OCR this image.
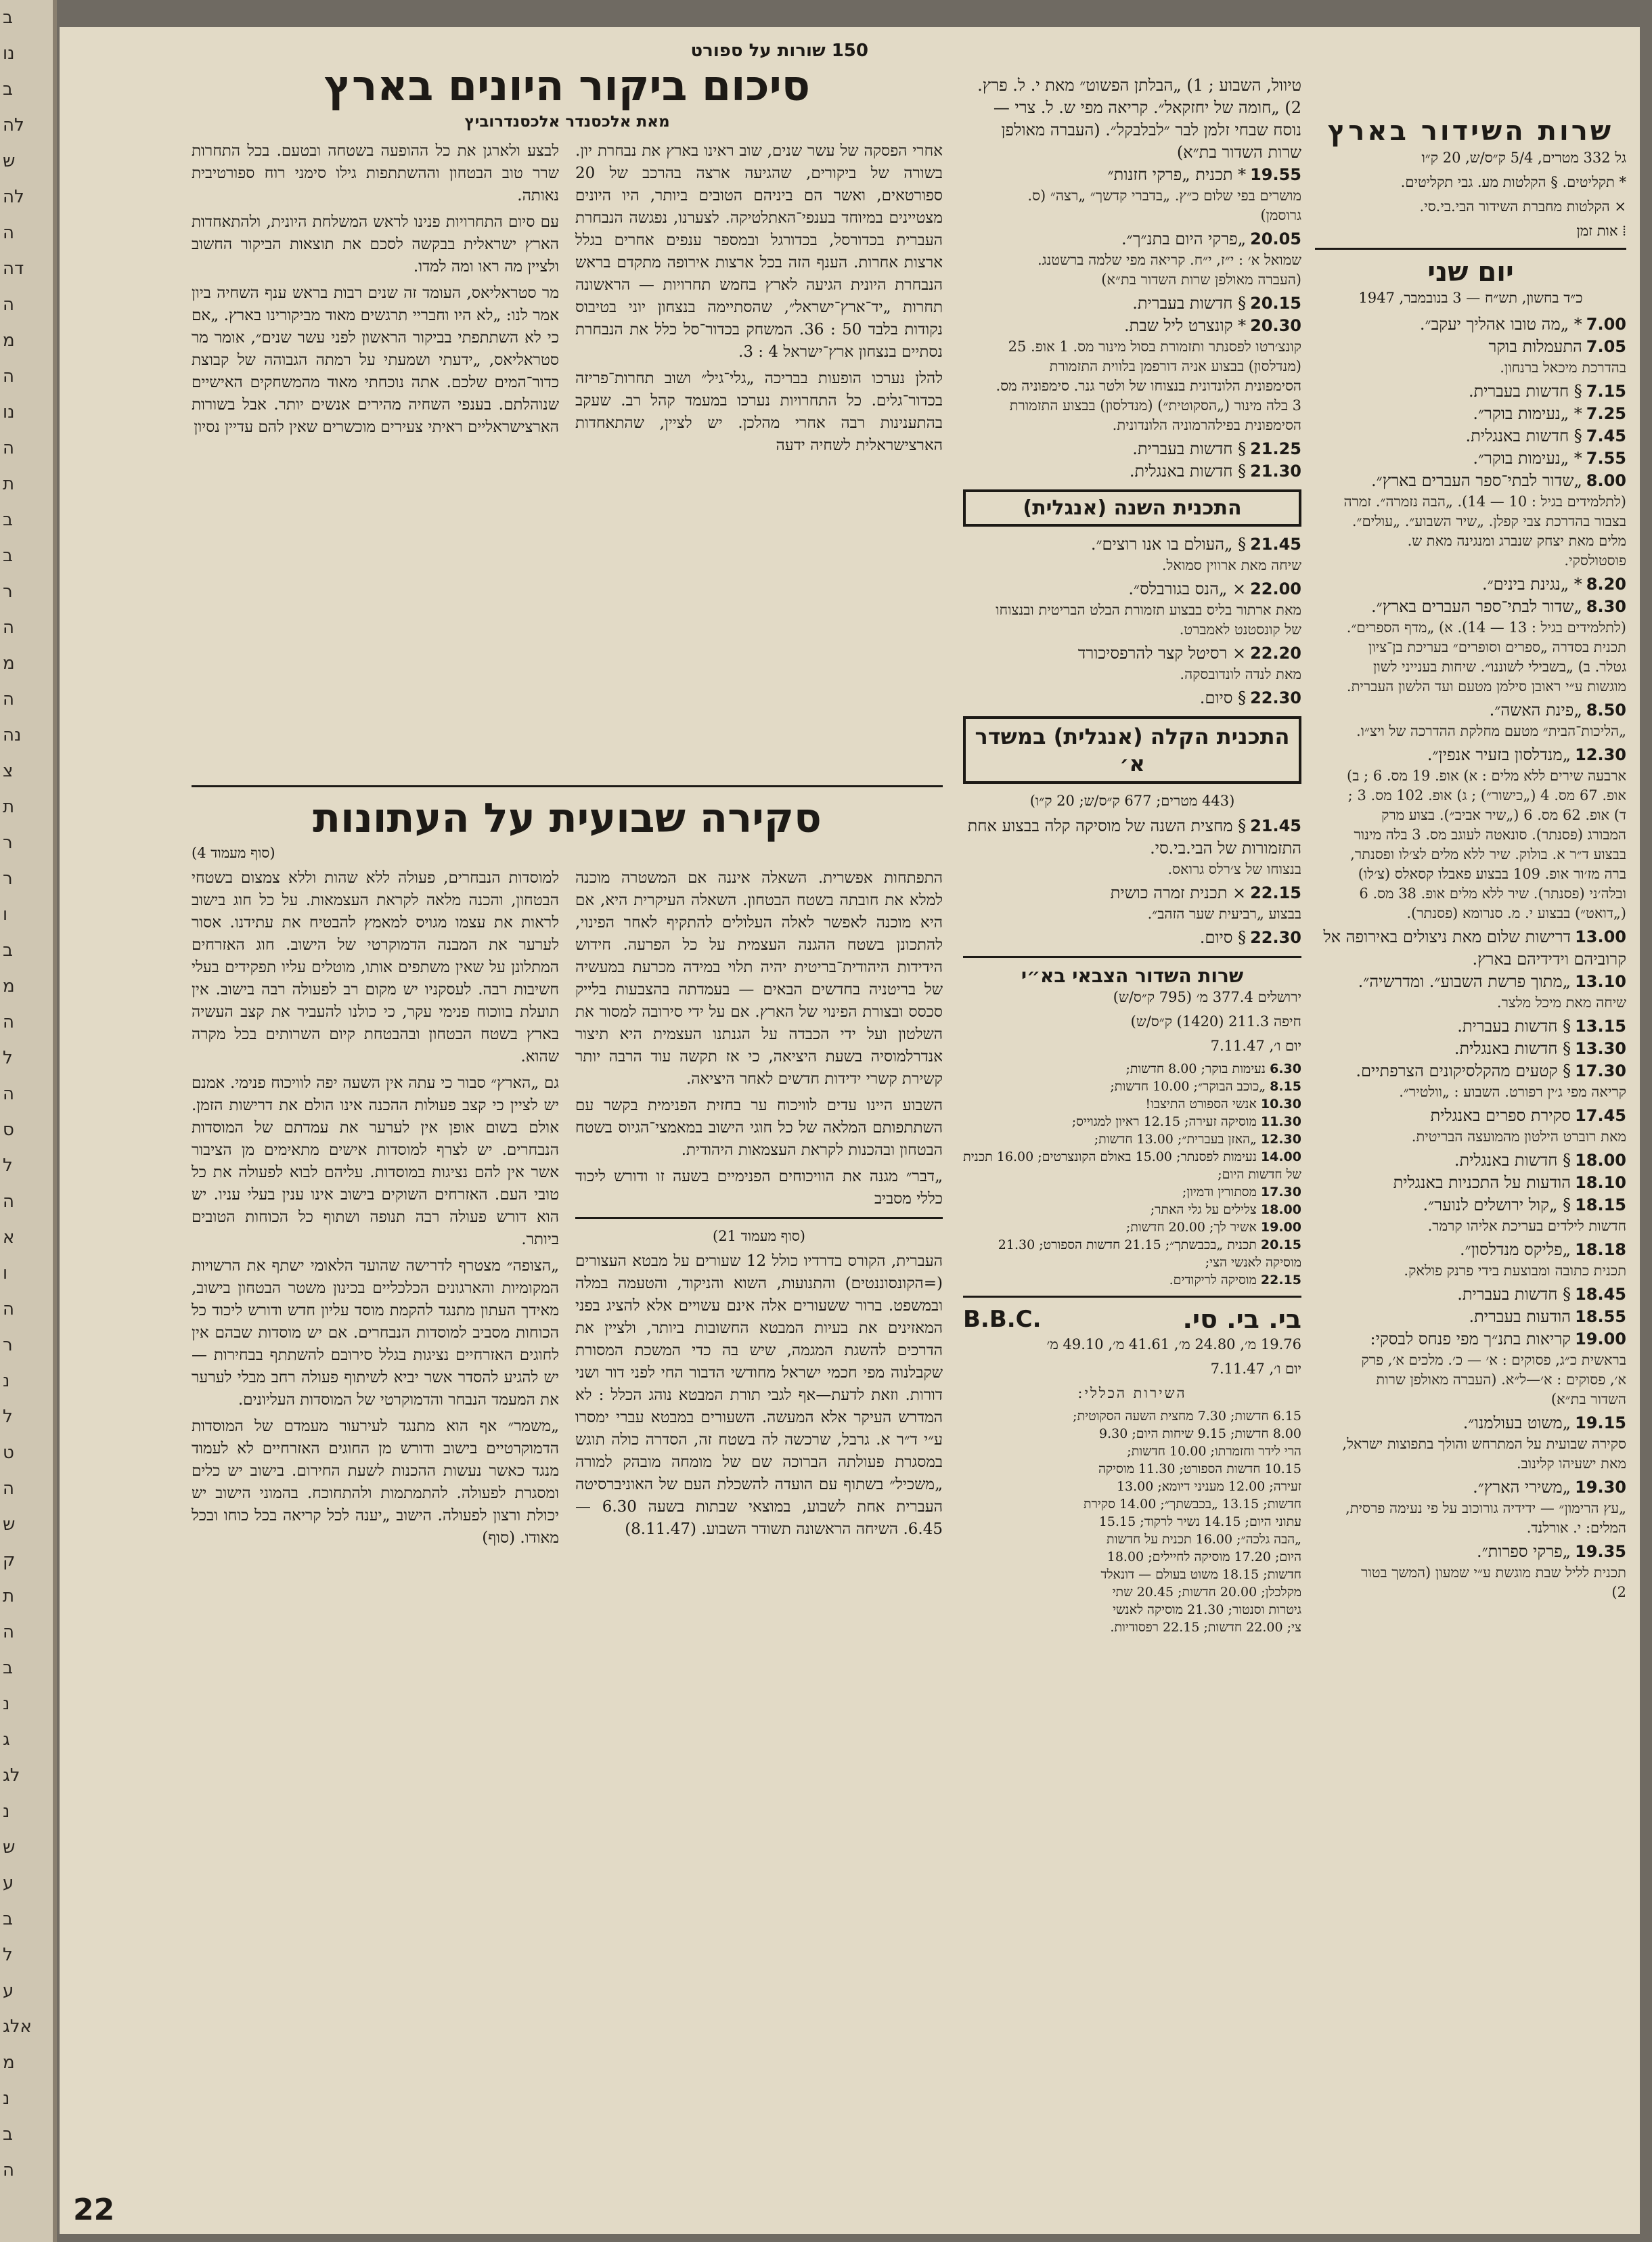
ב
נו
ב
לה
ש
לה
ה
דה
ה
מ
ה
נו
ה
ת
ב
ב
ר
ה
מ
ה
נה
צ
ת
ר
ר
ו
ב
מ
ה
ל
ה
ס
ל
ה
א
ו
ה
ר
נ
ל
ט
ה
ש
ק
ת
ה
ב
נ
ג
לג
נ
ש
ע
ב
ל
ע
אלג
מ
נ
ב
ה
שרות השידור בארץ

גל 332 מטרים, 5/4 ק״ס/ש, 20 ק״ו

* תקליטים. § הקלטות מע. גבי תקליטים.

× הקלטות מחברת השידור הבי.בי.סי.

⁞ אות זמן

יום שני

כ״ד בחשון, תש״ח — 3 בנובמבר, 1947

7.00* „מה טובו אהליך יעקב״.

7.05התעמלות בוקר

בהדרכת מיכאל ברנחון.

7.15§ חדשות בעברית.

7.25* „נעימות בוקר״.

7.45§ חדשות באנגלית.

7.55* „נעימות בוקר״.

8.00„שדור לבתי־ספר העברים בארץ״.

(לתלמידים בגיל : 10 — 14). „הבה נזמרה״. זמרה בצבור בהדרכת צבי קפלן. „שיר השבוע״. „עולים״. מלים מאת יצחק שנברג ומנגינה מאת ש. פוסטולסקי.

8.20* „נגינת בינים״.

8.30„שדור לבתי־ספר העברים בארץ״.

(לתלמידים בגיל : 13 — 14). א) „מדף הספרים״. תכנית בסדרה „ספרים וסופרים״ בעריכת בן־ציון גטלר. ב) „בשבילי לשוננו״. שיחות בענייני לשון מוגשות ע״י ראובן סילמן מטעם ועד הלשון העברית.

8.50„פינת האשה״.

„הליכות־הבית״ מטעם מחלקת ההדרכה של ויצ״ו.

12.30„מנדלסון בזעיר אנפין״.

ארבעה שירים ללא מלים : א) אופ. 19 מס. 6 ; ב) אופ. 67 מס. 4 („כישור״) ; ג) אופ. 102 מס. 3 ; ד) אופ. 62 מס. 6 („שיר אביב״). בצוע מרק המבורג (פסנתר). סונאטה לעוגב מס. 3 בלה מינור בבצוע ד״ר א. בולוק. שיר ללא מלים לצ׳לו ופסנתר, ברה מז׳ור אופ. 109 בבצוע פאבלו קסאלס (צ׳לו) ובלה׳ני (פסנתר). שיר ללא מלים אופ. 38 מס. 6 („דואט״) בבצוע י. מ. סנרומא (פסנתר).

13.00דרישות שלום מאת ניצולים באירופה אל קרוביהם וידידיהם בארץ.

13.10„מתוך פרשת השבוע״. ומדרשיה״.

שיחה מאת מיכל מלצר.

13.15§ חדשות בעברית.

13.30§ חדשות באנגלית.

17.30§ קטעים מהקלסיקונים הצרפתיים.

קריאה מפי ג׳ין רפורט. השבוע : „וולטיר״.

17.45סקירת ספרים באנגלית

מאת רוברט הילטון מהמועצה הבריטית.

18.00§ חדשות באנגלית.

18.10הודעות על התכניות באנגלית

18.15§ „קול ירושלים לנוער״.

חדשות לילדים בעריכת אליהו קרמר.

18.18„פליקס מנדלסון״.

תכנית כתובה ומבוצעת בידי פרנק פולאק.

18.45§ חדשות בעברית.

18.55הודעות בעברית.

19.00קריאות בתנ״ך מפי פנחס לבסקי:

בראשית כ״ג, פסוקים : א׳ — כ׳. מלכים א׳, פרק א׳, פסוקים : א׳—ל״א. (העברה מאולפן שרות השדור בת״א)

19.15„משוט בעולמנו״.

סקירה שבועית על המתרחש והולך בתפוצות ישראל, מאת ישעיהו קלינוב.

19.30„משירי הארץ״.

„עץ הרימון״ — ידידיה גורוכוב על פי נעימה פרסית, המלים: י. אורלנד.

19.35„פרקי ספרות״.

תכנית לליל שבת מוגשת ע״י שמעון (המשך בטור 2)

טיוול, השבוע ; 1) „הבלתן הפשוט״ מאת י. ל. פרץ. 2) „חומה של יחזקאל״. קריאה מפי ש. ל. צרי — נוסח שבחי זלמן לבר ״לבלבקל״. (העברה מאולפן שרות השדור בת״א)

19.55* תכנית „פרקי חזנות״

מושרים בפי שלום כ״ץ. „בדברי קדשך״ „רצה״ (ס. גרוסמן)

20.05„פרקי היום בתנ״ך״.

שמואל א׳ : י״ז, י״ח. קריאה מפי שלמה ברשטנג. (העברה מאולפן שרות השדור בת״א)

20.15§ חדשות בעברית.

20.30* קונצרט ליל שבת.

קונצ׳רטו לפסנתר ותזמורת בסול מינור מס. 1 אופ. 25 (מנדלסון) בבצוע אניה דורפמן בלווית התזמורת הסימפונית הלונדונית בנצוחו של ולטר גנר. סימפוניה מס. 3 בלה מינור („הסקוטית״) (מנדלסון) בבצוע התזמורת הסימפונית בפילהרמוניה הלונדונית.

21.25§ חדשות בעברית.

21.30§ חדשות באנגלית.

התכנית השנה (אנגלית)

21.45§ „העולם בו אנו רוצים״.

שיחה מאת ארווין סמואל.

22.00× „הנס בגורבלס״.

מאת ארתור בליס בבצוע תזמורת הבלט הבריטית ובנצוחו של קונסטנט לאמברט.

22.20× רסיטל קצר להרפסיכורד

מאת לנדה לונדובסקה.

22.30§ סיום.

התכנית הקלה (אנגלית) במשדר א׳

(443 מטרים; 677 ק״ס/ש; 20 ק״ו)

21.45§ מחצית השנה של מוסיקה קלה בבצוע אחת התזמורות של הבי.בי.סי.

בנצוחו של צ׳רלס גרואס.

22.15× תכנית זמרה כושית

בבצוע „רביעית שער הזהב״.

22.30§ סיום.

שרות השדור הצבאי בא״י

ירושלים 377.4 מ׳ (795 ק״ס/ש)

חיפה 211.3 (1420) ק״ס/ש)

יום ו׳, 7.11.47

6.30נעימות בוקר; 8.00 חדשות;

8.15„כוכב הבוקר״; 10.00 חדשות;

10.30אנשי הספורט התיצבו!

11.30מוסיקה זעירה; 12.15 ראיון למגוייס;

12.30„האזן בעברית״; 13.00 חדשות;

14.00נעימות לפסנתר; 15.00 באולם הקונצרטים; 16.00 תכנית של חדשות היום;

17.30מסתורין ודמיון;

18.00צלילים על גלי האתר;

19.00אשיר לך; 20.00 חדשות;

20.15תכנית „בכבשתך״; 21.15 חדשות הספורט; 21.30 מוסיקה לאנשי הצי;

22.15מוסיקה לריקודים.

בי. בי. סי.
B.B.C.

19.76 מ׳, 24.80 מ׳, 41.61 מ׳, 49.10 מ׳

יום ו׳, 7.11.47

השירות הכללי:

6.15 חדשות; 7.30 מחצית השעה הסקוטית;

8.00 חדשות; 9.15 שיחות היום; 9.30

הרי לידר וחזמרתו; 10.00 חדשות;

10.15 חדשות הספורט; 11.30 מוסיקה

זעירה; 12.00 מעניני דיומא; 13.00

חדשות; 13.15 „בכבשתך״; 14.00 סקירת

עתוני היום; 14.15 נשיר לרקוד; 15.15

„הבה גלכה״; 16.00 תכנית על חדשות

היום; 17.20 מוסיקה לחיילים; 18.00

חדשות; 18.15 משוט בעולם — דונאלד

מקלכלן; 20.00 חדשות; 20.45 שתי

גיטרות וסנטור; 21.30 מוסיקה לאנשי

צי; 22.00 חדשות; 22.15 רפסודיות.

150 שורות על ספורט

סיכום ביקור היונים בארץ

מאת אלכסנדר אלכסנדרוביץ

אחרי הפסקה של עשר שנים, שוב ראינו בארץ את נבחרת יון. בשורה של ביקורים, שהגיעה ארצה בהרכב של 20 ספורטאים, ואשר הם ביניהם הטובים ביותר, היו היונים מצטיינים במיוחד בענפי־האתלטיקה. לצערנו, נפגשה הנבחרת העברית בכדורסל, בכדורגל ובמספר ענפים אחרים בגלל ארצות אחרות. הענף הזה בכל ארצות אירופה מתקדם בראש הנבחרת היונית הגיעה לארץ בחמש תחרויות — הראשונה תחרות „יד־ארץ־ישראל״, שהסתיימה בנצחון יוני בטיבוס נקודות בלבד 50 : 36. המשחק בכדור־סל כלל את הנבחרת נסתיים בנצחון ארץ־ישראל 4 : 3.

להלן נערכו הופעות בבריכה „גלי־גיל״ ושוב תחרות־פריזה בכדור־גלים. כל התחרויות נערכו במעמד קהל רב. שעקב בהתענינות רבה אחרי מהלכן. יש לציין, שהתאחדות הארצישראלית לשחיה ידעה

לבצע ולארגן את כל ההופעה בשטחה ובטעם. בכל התחרות שרר טוב הבטחון וההשתתפות גילו סימני רוח ספורטיבית נאותה.

עם סיום התחרויות פנינו לראש המשלחת היונית, ולהתאחדות הארץ ישראלית בבקשה לסכם את תוצאות הביקור החשוב ולציין מה ראו ומה למדו.

מר סטראליאס, העומד זה שנים רבות בראש ענף השחיה ביון אמר לנו: „לא היו וחבריי תרגשים מאוד מביקורינו בארץ. „אם כי לא השתתפתי בביקור הראשון לפני עשר שנים״, אומר מר סטראליאס, „ידעתי ושמעתי על רמתה הגבוהה של קבוצת כדור־המים שלכם. אתה נוכחתי מאוד מהמשחקים האישיים שנוהלתם. בענפי השחיה מהירים אנשים יותר. אבל בשורות הארצישראליים ראיתי צעירים מוכשרים שאין להם עדיין נסיון

סקירה שבועית על העתונות

(סוף מעמוד 4)

התפתחות אפשרית. השאלה איננה אם המשטרה מוכנה למלא את חובתה בשטח הבטחון. השאלה העיקרית היא, אם היא מוכנה לאפשר לאלה העלולים להתקיף לאחר הפינוי, להתכונן בשטח ההגנה העצמית על כל הפרעה. חידוש הידידות היהודית־בריטית יהיה תלוי במידה מכרעת במעשיה של בריטניה בחדשים הבאים — בעמדתה בהצבעות בלייק סכסס ובצורת הפינוי של הארץ. אם על ידי סירובה למסור את השלטון ועל ידי הכבדה על הגנתנו העצמית היא תיצור אנדרלמוסיה בשעת היציאה, כי אז תקשה עוד הרבה יותר קשירת קשרי ידידות חדשים לאחר היציאה.

השבוע היינו עדים לוויכוח ער בחזית הפנימית בקשר עם השתתפותם המלאה של כל חוגי הישוב במאמצי־הגיוס בשטח הבטחון ובהכנות לקראת העצמאות היהודית.

„דבר״ מגנה את הוויכוחים הפנימיים בשעה זו ודורש ליכוד כללי מסביב

(סוף מעמוד 21)

העברית, הקורס בדרדיו כולל 12 שעורים על מבטא העצורים (=הקונסוננטים) והתנועות, השוא והניקוד, והטעמה במלה ובמשפט. ברור ששעורים אלה אינם עשויים אלא להציג בפני המאזינים את בעיות המבטא החשובות ביותר, ולציין את הדרכים להשגת המגמה, שיש בה כדי המשכת המסורת שקבלנוה מפי חכמי ישראל מחודשי הדבור החי לפני דור ושני דורות. וזאת לדעת—אף לגבי תורת המבטא נוהג הכלל : לא המדרש העיקר אלא המעשה. השעורים במבטא עברי ימסרו ע״י ד״ר א. גרבל, שרכשה לה בשטח זה, הסדרה כולה תוגש במסגרת פעולתה הברוכה שם של מומחה מובהק למורה „משכיל״ בשתוף עם הועדה להשכלת העם של האוניברסיטה העברית אחת לשבוע, במוצאי שבתות בשעה 6.30 — 6.45. השיחה הראשונה תשודר השבוע. (8.11.47)

למוסדות הנבחרים, פעולה ללא שהות וללא צמצום בשטחי הבטחון, והכנה מלאה לקראת העצמאות. על כל חוג בישוב לראות את עצמו מגויס למאמץ להבטיח את עתידנו. אסור לערער את המבנה הדמוקרטי של הישוב. חוג האזרחים המתלונן על שאין משתפים אותו, מוטלים עליו תפקידים בעלי חשיבות רבה. לעסקניו יש מקום רב לפעולה רבה בישוב. אין תועלת בווכוח פנימי עקר, כי כולנו להעביר את קצב העשיה בארץ בשטח הבטחון ובהבטחת קיום השרותים בכל מקרה שהוא.

גם „הארץ״ סבור כי עתה אין השעה יפה לוויכוח פנימי. אמנם יש לציין כי קצב פעולות ההכנה אינו הולם את דרישות הזמן. אולם בשום אופן אין לערער את עמדתם של המוסדות הנבחרים. יש לצרף למוסדות אישים מתאימים מן הציבור אשר אין להם נציגות במוסדות. עליהם לבוא לפעולה את כל טובי העם. האזרחים השוקים בישוב אינו ענין בעלי עניו. יש הוא דורש פעולה רבה תנופה ושתוף כל הכוחות הטובים ביותר.

„הצופה״ מצטרף לדרישה שהועד הלאומי ישתף את הרשויות המקומיות והארגונים הכלכליים בכינון משטר הבטחון בישוב, מאידך העתון מתנגד להקמת מוסד עליון חדש ודורש ליכוד כל הכוחות מסביב למוסדות הנבחרים. אם יש מוסדות שבהם אין לחוגים האזרחיים נציגות בגלל סירובם להשתתף בבחירות — יש להגיע להסדר אשר יביא לשיתוף פעולה רחב מבלי לערער את המעמד הנבחר והדמוקרטי של המוסדות העליונים.

„משמר״ אף הוא מתנגד לעירעור מעמדם של המוסדות הדמוקרטיים בישוב ודורש מן החוגים האזרחיים לא לעמוד מנגד כאשר נעשות ההכנות לשעת החירום. בישוב יש כלים ומסגרת לפעולה. להתמתמות ולהתחוכח. בהמוני הישוב יש יכולת ורצון לפעולה. הישוב „יענה לכל קריאה בכל כוחו ובכל מאודו. (סוף)

22
